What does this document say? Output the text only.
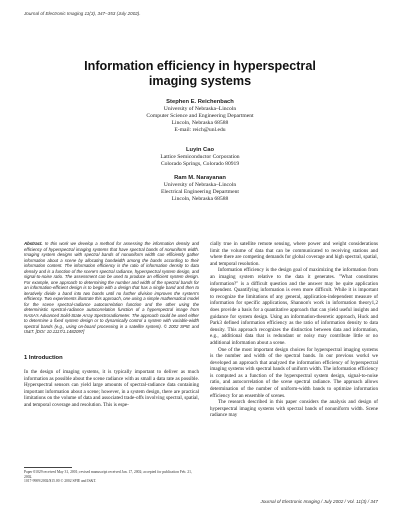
Journal of Electronic Imaging 11(3), 347–353 (July 2002).
Information efficiency in hyperspectral
imaging systems
Stephen E. Reichenbach
University of Nebraska–Lincoln
Computer Science and Engineering Department
Lincoln, Nebraska 68588
E-mail: reich@unl.edu
Luyin Cao
Lattice Semiconductor Corporation
Colorado Springs, Colorado 80919
Ram M. Narayanan
University of Nebraska–Lincoln
Electrical Engineering Department
Lincoln, Nebraska 68588
Abstract. In this work we develop a method for assessing the information density and efficiency of hyperspectral imaging systems that have spectral bands of nonuniform width. Imaging system designs with spectral bands of nonuniform width can efficiently gather information about a scene by allocating bandwidth among the bands according to their information content. The information efficiency is the ratio of information density to data density and is a function of the scene's spectral radiance, hyperspectral system design, and signal-to-noise ratio. The assessment can be used to produce an efficient system design. For example, one approach to determining the number and width of the spectral bands for an information-efficient design is to begin with a design that has a single band and then to iteratively divide a band into two bands until no further division improves the system's efficiency. Two experiments illustrate this approach, one using a simple mathematical model for the scene spectral-radiance autocorrelation function and the other using the deterministic spectral-radiance autocorrelation function of a hyperspectral image from NASA's Advanced Solid-State Array Spectroradiometer. The approach could be used either to determine a fixed system design or to dynamically control a system with variable-width spectral bands (e.g., using on-board processing in a satellite system). © 2002 SPIE and IS&T. [DOI: 10.1117/1.1482097]
1 Introduction

In the design of imaging systems, it is typically important to deliver as much information as possible about the scene radiance with as small a data rate as possible. Hyperspectral sensors can yield large amounts of spectral-radiance data containing important information about a scene; however, in a system design, there are practical limitations on the volume of data and associated trade-offs involving spectral, spatial, and temporal coverage and resolution. This is espe-

Paper 01029 received May 31, 2001; revised manuscript received Jan. 17, 2002; accepted for publication Feb. 21, 2002.
1017-9909/2002/$15.00 © 2002 SPIE and IS&T.

cially true in satellite remote sensing, where power and weight considerations limit the volume of data that can be communicated to receiving stations and where there are competing demands for global coverage and high spectral, spatial, and temporal resolution.

Information efficiency is the design goal of maximizing the information from an imaging system relative to the data it generates. "What constitutes information?" is a difficult question and the answer may be quite application dependent. Quantifying information is even more difficult. While it is important to recognize the limitations of any general, application-independent measure of information for specific applications, Shannon's work in information theory1,2 does provide a basis for a quantitative approach that can yield useful insights and guidance for system design. Using an information-theoretic approach, Huck and Park3 defined information efficiency as the ratio of information density to data density. This approach recognizes the distinction between data and information, e.g., additional data that is redundant or noisy may contribute little or no additional information about a scene.

One of the most important design choices for hyperspectral imaging systems is the number and width of the spectral bands. In our previous work4 we developed an approach that analyzed the information efficiency of hyperspectral imaging systems with spectral bands of uniform width. The information efficiency is computed as a function of the hyperspectral system design, signal-to-noise ratio, and autocorrelation of the scene spectral radiance. The approach allows determination of the number of uniform-width bands to optimize information efficiency for an ensemble of scenes.

The research described in this paper considers the analysis and design of hyperspectral imaging systems with spectral bands of nonuniform width. Scene radiance may

Journal of Electronic Imaging / July 2002 / Vol. 11(3) / 347
